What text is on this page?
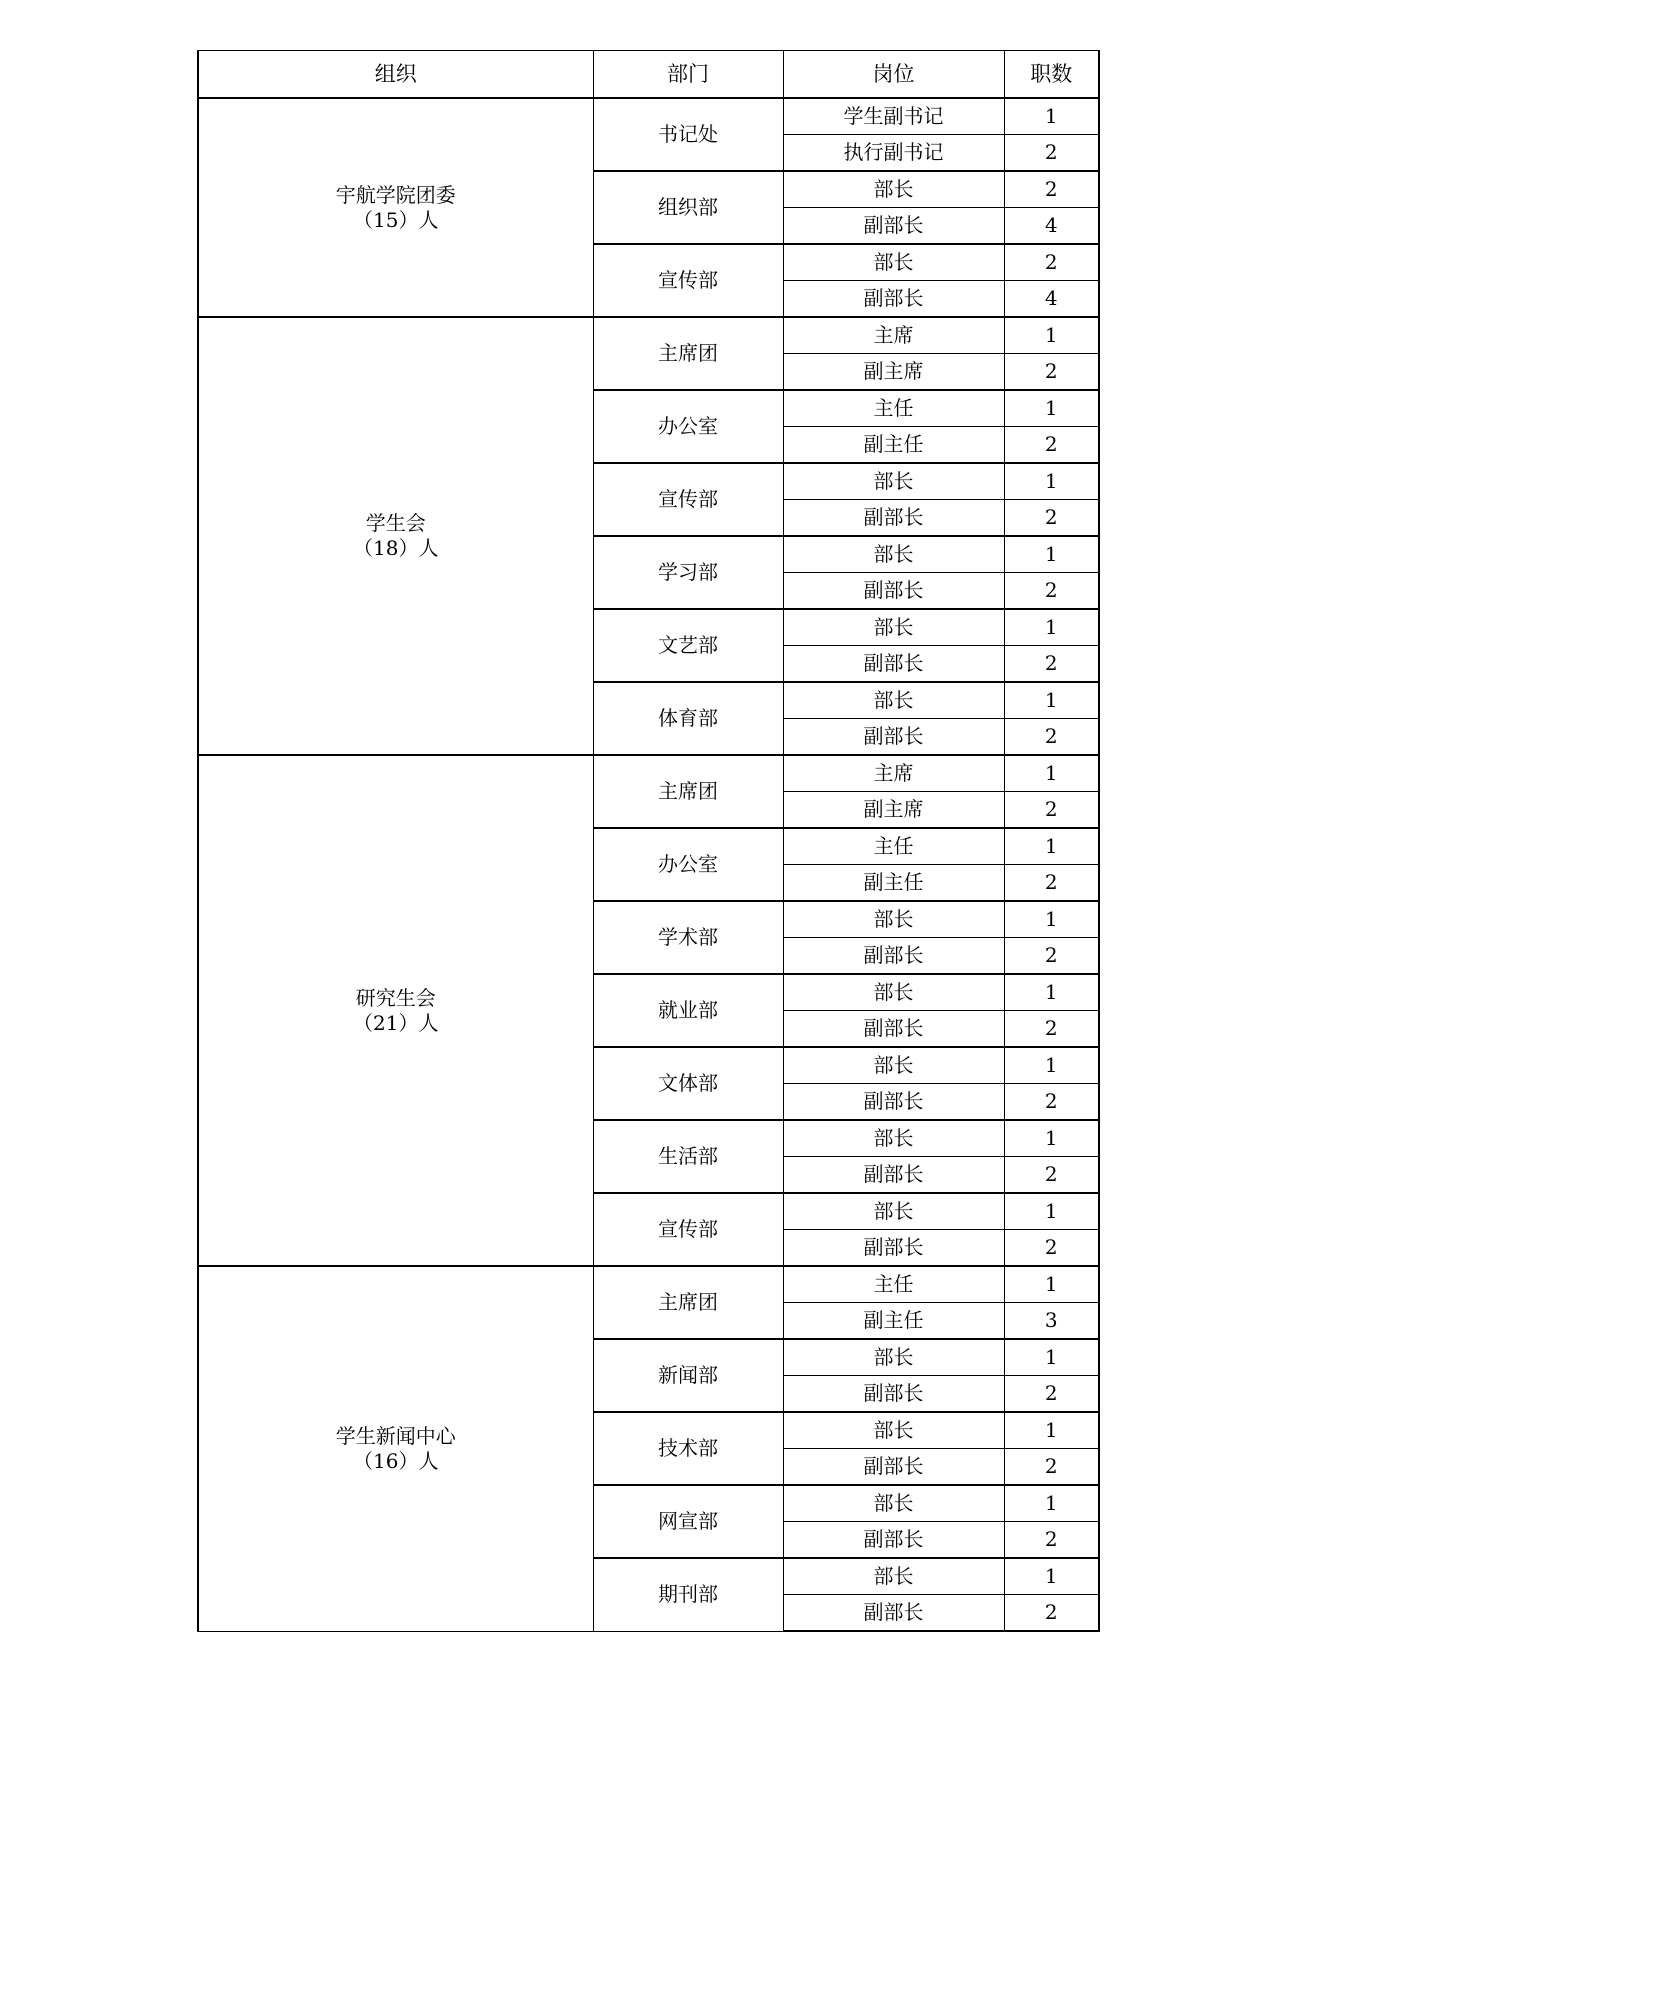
组织	部门	岗位	职数

宇航学院团委
（15）人	书记处	学生副书记	1
		执行副书记	2
	组织部	部长	2
		副部长	4
	宣传部	部长	2
		副部长	4

学生会
（18）人	主席团	主席	1
		副主席	2
	办公室	主任	1
		副主任	2
	宣传部	部长	1
		副部长	2
	学习部	部长	1
		副部长	2
	文艺部	部长	1
		副部长	2
	体育部	部长	1
		副部长	2

研究生会
（21）人	主席团	主席	1
		副主席	2
	办公室	主任	1
		副主任	2
	学术部	部长	1
		副部长	2
	就业部	部长	1
		副部长	2
	文体部	部长	1
		副部长	2
	生活部	部长	1
		副部长	2
	宣传部	部长	1
		副部长	2

学生新闻中心
（16）人	主席团	主任	1
		副主任	3
	新闻部	部长	1
		副部长	2
	技术部	部长	1
		副部长	2
	网宣部	部长	1
		副部长	2
	期刊部	部长	1
		副部长	2
